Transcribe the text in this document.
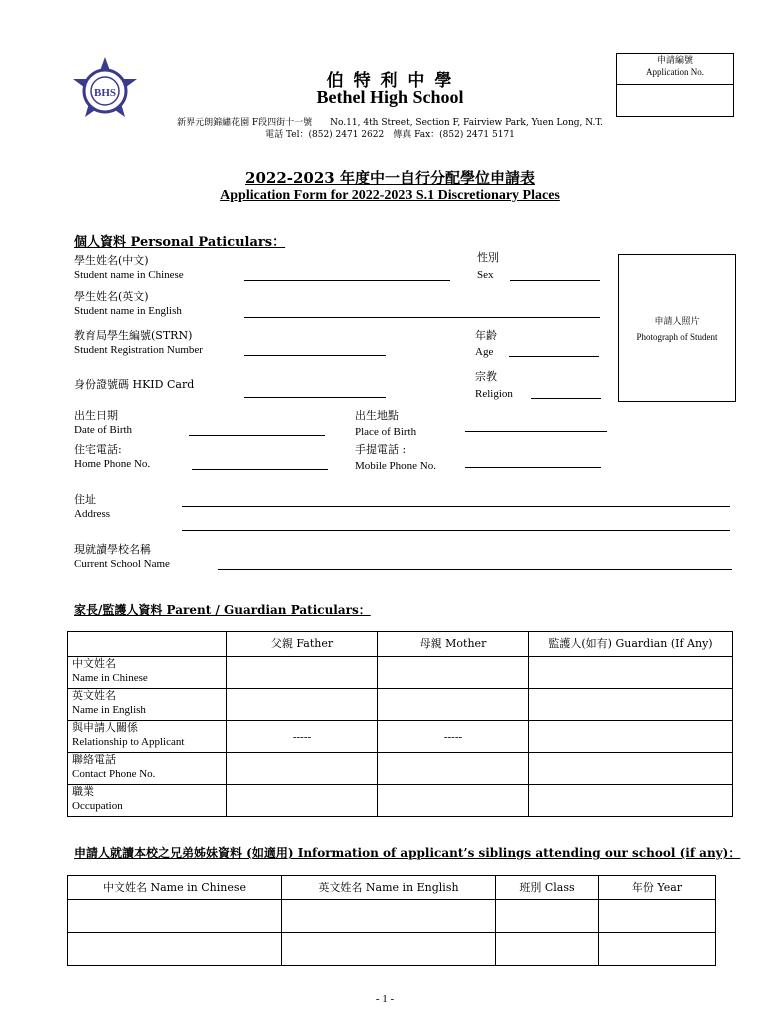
BHS
伯 特 利 中 學
Bethel High School
新界元朗錦繡花園 F段四街十一號　　No.11, 4th Street, Section F, Fairview Park, Yuen Long, N.T.
電話 Tel：(852) 2471 2622　傳真 Fax：(852) 2471 5171
申請編號
Application No.
2022-2023 年度中一自行分配學位申請表
Application Form for 2022-2023 S.1 Discretionary Places
個人資料 Personal Paticulars：
學生姓名(中文)
Student name in Chinese
性別
Sex
申請人照片
Photograph of Student
學生姓名(英文)
Student name in English
教育局學生編號(STRN)
Student Registration Number
年齡
Age
身份證號碼 HKID Card
宗教
Religion
出生日期
Date of Birth
出生地點
Place of Birth
住宅電話:
Home Phone No.
手提電話 :
Mobile Phone No.
住址
Address
現就讀學校名稱
Current School Name
家長/監護人資料 Parent / Guardian Paticulars：
	父親 Father	母親 Mother	監護人(如有) Guardian (If Any)

中文姓名
Name in Chinese			

英文姓名
Name in English			

與申請人關係
Relationship to Applicant	-----	-----	

聯絡電話
Contact Phone No.			

職業
Occupation			

申請人就讀本校之兄弟姊妹資料 (如適用) Information of applicant’s siblings attending our school (if any)：
中文姓名 Name in Chinese	英文姓名 Name in English	班別 Class	年份 Year

- 1 -
